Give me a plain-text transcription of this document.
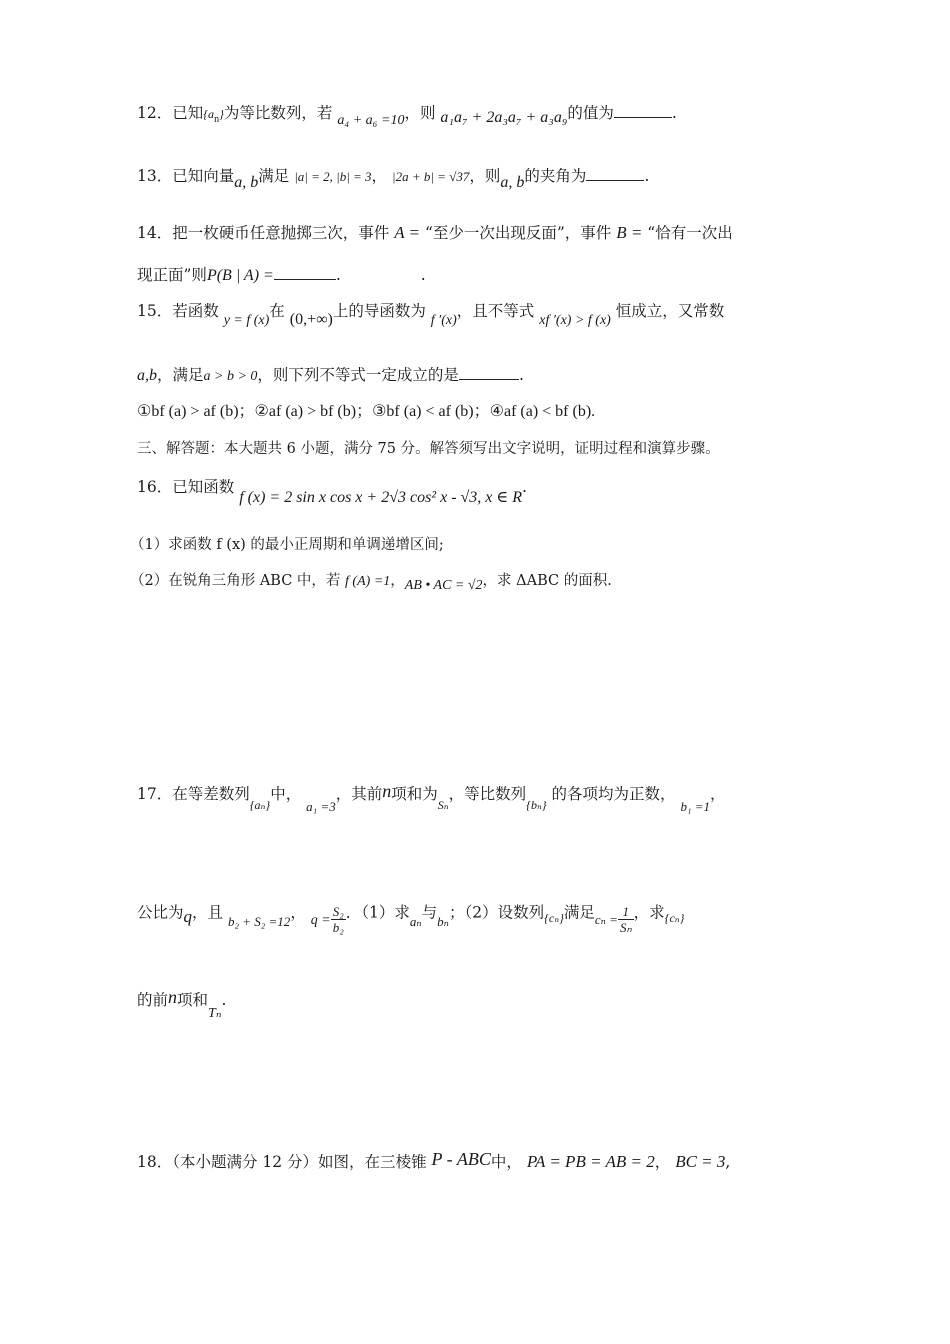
12．已知$\{a_n\}$为等比数列，若 a₄ + a₆ =10，则 a₁a₇ + 2a₃a₇ + a₃a₉的值为	.
13．已知向量a, b满足 |a| = 2, |b| = 3， |2a + b| = √37，则a, b的夹角为	.
14．把一枚硬币任意抛掷三次，事件 A = “至少一次出现反面”，事件 B = “恰有一次出
现正面”则P(B | A) =	.	.
15．若函数 y = f (x)在 (0,+∞)上的导函数为 f ′(x)，且不等式 xf ′(x) > f (x) 恒成立，又常数
a,b，满足a > b > 0，则下列不等式一定成立的是	.
①bf (a) > af (b)；②af (a) > bf (b)；③bf (a) < af (b)；④af (a) < bf (b).
三、解答题：本大题共 6 小题，满分 75 分。解答须写出文字说明，证明过程和演算步骤。
16．已知函数 f (x) = 2 sin x cos x + 2√3 cos² x - √3, x ∈ R.
（1）求函数 f (x) 的最小正周期和单调递增区间;
（2）在锐角三角形 ABC 中，若 f (A) =1，AB • AC = √2，求 ΔABC 的面积.
17．在等差数列$_{\{a_n\}}$中， $_{a_1 =3}$，其前n项和为$_{S_n}$，等比数列$_{\{b_n\}}$ 的各项均为正数， $_{b_1 =1}$，
公比为q，且 $_{b_2 + S_2 =12}$， $q = \frac{\text{S₂}}{\text{b₂}}$ ．（1）求$_{a_n}$与$_{b_n}$；（2）设数列$_{\{c_n\}}$满足$_{c_n =} \frac{1}{\text{Sₙ}}$ ，求$_{\{c_n\}}$
的前n项和Tₙ.
18．（本小题满分 12 分）如图，在三棱锥 P - ABC中， PA = PB = AB = 2， BC = 3,
